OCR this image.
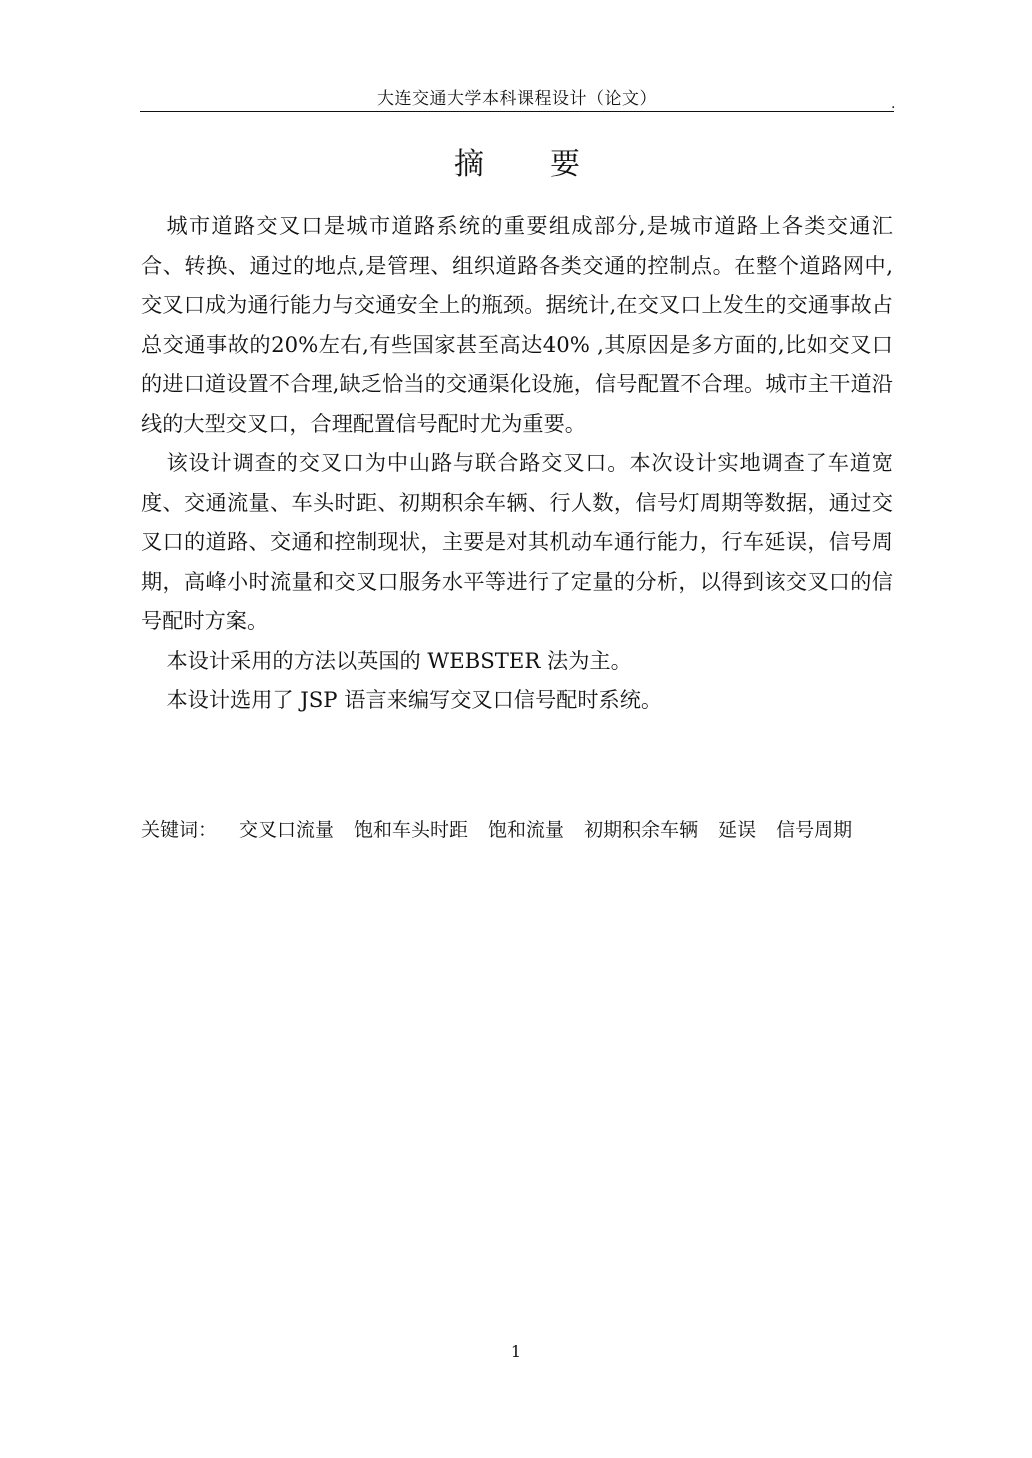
大连交通大学本科课程设计（论文）	.
摘要

城市道路交叉口是城市道路系统的重要组成部分,是城市道路上各类交通汇合、转换、通过的地点,是管理、组织道路各类交通的控制点。在整个道路网中,交叉口成为通行能力与交通安全上的瓶颈。据统计,在交叉口上发生的交通事故占总交通事故的20%左右,有些国家甚至高达40% ,其原因是多方面的,比如交叉口的进口道设置不合理,缺乏恰当的交通渠化设施，信号配置不合理。城市主干道沿线的大型交叉口，合理配置信号配时尤为重要。

该设计调查的交叉口为中山路与联合路交叉口。本次设计实地调查了车道宽度、交通流量、车头时距、初期积余车辆、行人数，信号灯周期等数据，通过交叉口的道路、交通和控制现状，主要是对其机动车通行能力，行车延误，信号周期，高峰小时流量和交叉口服务水平等进行了定量的分析，以得到该交叉口的信号配时方案。

本设计采用的方法以英国的 WEBSTER 法为主。

本设计选用了 JSP 语言来编写交叉口信号配时系统。

关键词： 交叉口流量 饱和车头时距 饱和流量 初期积余车辆 延误 信号周期
1
